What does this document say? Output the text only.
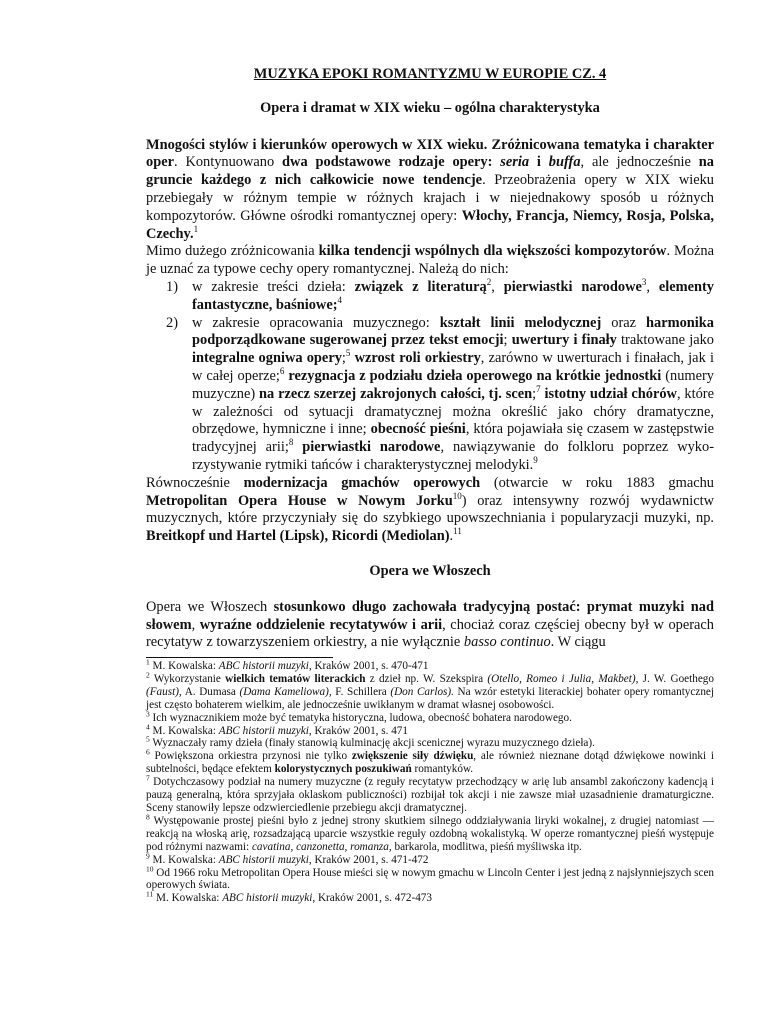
MUZYKA EPOKI ROMANTYZMU W EUROPIE CZ. 4

Opera i dramat w XIX wieku – ogólna charakterystyka

Mnogości stylów i kierunków operowych w XIX wieku. Zróżnicowana tematyka i charakter oper. Kontynuowano dwa podstawowe rodzaje opery: seria i buffa, ale jednocześnie na gruncie każdego z nich całkowicie nowe tendencje. Przeobrażenia opery w XIX wieku przebiegały w różnym tempie w różnych krajach i w niejednakowy sposób u różnych kompozytorów. Główne ośrodki romantycznej opery: Włochy, Francja, Niemcy, Rosja, Polska, Czechy.$^1$

Mimo dużego zróżnicowania kilka tendencji wspólnych dla większości kompozytorów. Można je uznać za typowe cechy opery romantycznej. Należą do nich:

1) w zakresie treści dzieła: związek z literaturą$^2$, pierwiastki narodowe$^3$, elementy fantastyczne, baśniowe;$^4$
2) w zakresie opracowania muzycznego: kształt linii melodycznej oraz harmonika podporządkowane sugerowanej przez tekst emocji; uwertury i finały traktowane jako integralne ogniwa opery;$^5$ wzrost roli orkiestry, zarówno w uwerturach i finałach, jak i w całej operze;$^6$ rezygnacja z podziału dzieła operowego na krótkie jednostki (numery muzyczne) na rzecz szerzej zakrojonych całości, tj. scen;$^7$ istotny udział chórów, które w zależności od sytuacji dramatycznej można określić jako chóry dramatyczne, obrzędowe, hymniczne i inne; obecność pieśni, która pojawiała się czasem w zastępstwie tradycyjnej arii;$^8$ pierwiastki narodowe, nawiązywanie do folkloru poprzez wyko-rzystywanie rytmiki tańców i charakterystycznej melodyki.$^9$

Równocześnie modernizacja gmachów operowych (otwarcie w roku 1883 gmachu Metropolitan Opera House w Nowym Jorku$^{10}$) oraz intensywny rozwój wydawnictw muzycznych, które przyczyniały się do szybkiego upowszechniania i popularyzacji muzyki, np. Breitkopf und Hartel (Lipsk), Ricordi (Mediolan).$^{11}$

Opera we Włoszech

Opera we Włoszech stosunkowo długo zachowała tradycyjną postać: prymat muzyki nad słowem, wyraźne oddzielenie recytatywów i arii, chociaż coraz częściej obecny był w operach recytatyw z towarzyszeniem orkiestry, a nie wyłącznie basso continuo. W ciągu

$^1$ M. Kowalska: ABC historii muzyki, Kraków 2001, s. 470-471

$^2$ Wykorzystanie wielkich tematów literackich z dzieł np. W. Szekspira (Otello, Romeo i Julia, Makbet), J. W. Goethego (Faust), A. Dumasa (Dama Kameliowa), F. Schillera (Don Carlos). Na wzór estetyki literackiej bohater opery romantycznej jest często bohaterem wielkim, ale jednocześnie uwikłanym w dramat własnej osobowości.

$^3$ Ich wyznacznikiem może być tematyka historyczna, ludowa, obecność bohatera narodowego.

$^4$ M. Kowalska: ABC historii muzyki, Kraków 2001, s. 471

$^5$ Wyznaczały ramy dzieła (finały stanowią kulminację akcji scenicznej wyrazu muzycznego dzieła).

$^6$ Powiększona orkiestra przynosi nie tylko zwiększenie siły dźwięku, ale również nieznane dotąd dźwiękowe nowinki i subtelności, będące efektem kolorystycznych poszukiwań romantyków.

$^7$ Dotychczasowy podział na numery muzyczne (z reguły recytatyw przechodzący w arię lub ansambl zakończony kadencją i pauzą generalną, która sprzyjała oklaskom publiczności) rozbijał tok akcji i nie zawsze miał uzasadnienie dramaturgiczne. Sceny stanowiły lepsze odzwierciedlenie przebiegu akcji dramatycznej.

$^8$ Występowanie prostej pieśni było z jednej strony skutkiem silnego oddziaływania liryki wokalnej, z drugiej natomiast — reakcją na włoską arię, rozsadzającą uparcie wszystkie reguły ozdobną wokalistyką. W operze romantycznej pieśń występuje pod różnymi nazwami: cavatina, canzonetta, romanza, barkarola, modlitwa, pieśń myśliwska itp.

$^9$ M. Kowalska: ABC historii muzyki, Kraków 2001, s. 471-472

$^{10}$ Od 1966 roku Metropolitan Opera House mieści się w nowym gmachu w Lincoln Center i jest jedną z najsłynniejszych scen operowych świata.

$^{11}$ M. Kowalska: ABC historii muzyki, Kraków 2001, s. 472-473
